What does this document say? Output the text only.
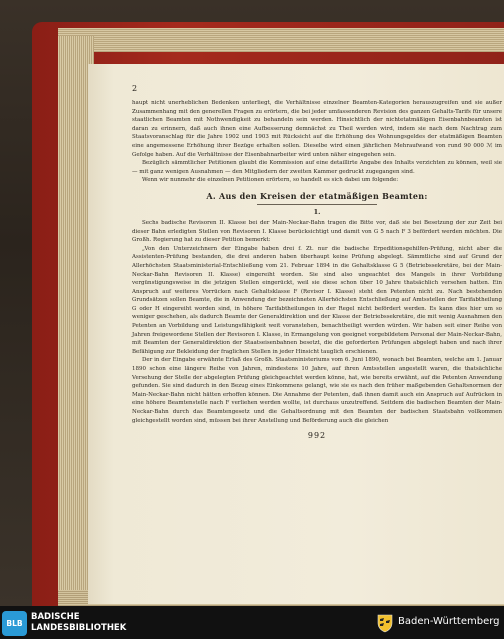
2

haupt nicht unerheblichen Bedenken unterliegt, die Verhältnisse einzelner Beamten-Kategorien herauszugreifen und sie außer Zusammenhang mit den generellen Fragen zu erörtern, die bei jeder umfassenderen Revision des ganzen Gehalts-Tarifs für unsere staatlichen Beamten mit Nothwendigkeit zu behandeln sein werden. Hinsichtlich der nichtetatmäßigen Eisenbahnbeamten ist daran zu erinnern, daß auch ihnen eine Aufbesserung demnächst zu Theil werden wird, indem sie nach dem Nachtrag zum Staatsvoranschlag für die Jahre 1902 und 1903 mit Rücksicht auf die Erhöhung des Wohnungsgeldes der etatmäßigen Beamten eine angemessene Erhöhung ihrer Bezüge erhalten sollen. Dieselbe wird einen jährlichen Mehraufwand von rund 90 000 ℳ im Gefolge haben. Auf die Verhältnisse der Eisenbahnarbeiter wird unten näher eingegehen sein.

Bezüglich sämmtlicher Petitionen glaubt die Kommission auf eine detaillirte Angabe des Inhalts verzichten zu können, weil sie — mit ganz wenigen Ausnahmen — den Mitgliedern der zweiten Kammer gedruckt zugegangen sind.

Wenn wir nunmehr die einzelnen Petitionen erörtern, so handelt es sich dabei um folgende:

A. Aus den Kreisen der etatmäßigen Beamten:
1.

Sechs badische Revisoren II. Klasse bei der Main-Neckar-Bahn tragen die Bitte vor, daß sie bei Besetzung der zur Zeit bei dieser Bahn erledigten Stellen von Revisoren I. Klasse berücksichtigt und damit von G 5 nach F 3 befördert werden möchten. Die Großh. Regierung hat zu dieser Petition bemerkt:

„Von den Unterzeichnern der Eingabe haben drei f. Zt. nur die badische Erpeditionsgehilfen-Prüfung, nicht aber die Assistenten-Prüfung bestanden, die drei anderen haben überhaupt keine Prüfung abgelegt. Sämmtliche sind auf Grund der Allerhöchsten Staatsministerial-Entschließung vom 21. Februar 1894 in die Gehaltsklasse G 5 (Betriebssekretäre, bei der Main-Neckar-Bahn Revisoren II. Klasse) eingereiht worden. Sie sind also ungeachtet des Mangels in ihrer Vorbildung vergünstigungsweise in die jetzigen Stellen eingerückt, weil sie diese schon über 10 Jahre thatsächlich versehen hatten. Ein Anspruch auf weiteres Vorrücken nach Gehaltsklasse F (Revisor I. Klasse) steht den Petenten nicht zu. Nach bestehenden Grundsätzen sollen Beamte, die in Anwendung der bezeichneten Allerhöchsten Entschließung auf Amtsstellen der Tarifabtheilung G oder H eingereiht worden sind, in höhere Tarifabtheilungen in der Regel nicht befördert werden. Es kann dies hier um so weniger geschehen, als dadurch Beamte der Generaldirektion und der Klasse der Betriebssekretäre, die mit wenig Ausnahmen den Petenten an Vorbildung und Leistungsfähigkeit weit voranstehen, benachtheiligt werden würden. Wir haben seit einer Reihe von Jahren freigewordene Stellen der Revisoren I. Klasse, in Ermangelung von geeignet vorgebildetem Personal der Main-Neckar-Bahn, mit Beamten der Generaldirektion der Staatseisenbahnen besetzt, die die geforderten Prüfungen abgelegt haben und nach ihrer Befähigung zur Bekleidung der fraglichen Stellen in jeder Hinsicht tauglich erschienen.

Der in der Eingabe erwähnte Erlaß des Großh. Staatsministeriums vom 6. Juni 1890, wonach bei Beamten, welche am 1. Januar 1890 schon eine längere Reihe von Jahren, mindestens 10 Jahre, auf ihren Amtsstellen angestellt waren, die thatsächliche Versehung der Stelle der abgelegten Prüfung gleichgeachtet werden könne, hat, wie bereits erwähnt, auf die Petenten Anwendung gefunden. Sie sind dadurch in den Bezug eines Einkommens gelangt, wie sie es nach den früher maßgebenden Gehaltsnormen der Main-Neckar-Bahn nicht hätten erhoffen können. Die Annahme der Petenten, daß ihnen damit auch ein Anspruch auf Aufrücken in eine höhere Beamtenstelle nach F verliehen werden wollte, ist durchaus unzutreffend. Seitdem die badischen Beamten der Main-Neckar-Bahn durch das Beamtengesetz und die Gehaltsordnung mit den Beamten der badischen Staatsbahn vollkommen gleichgestellt worden sind, müssen bei ihrer Anstellung und Beförderung auch die gleichen

992
BLB
BADISCHE
LANDESBIBLIOTHEK
Baden-Württemberg
